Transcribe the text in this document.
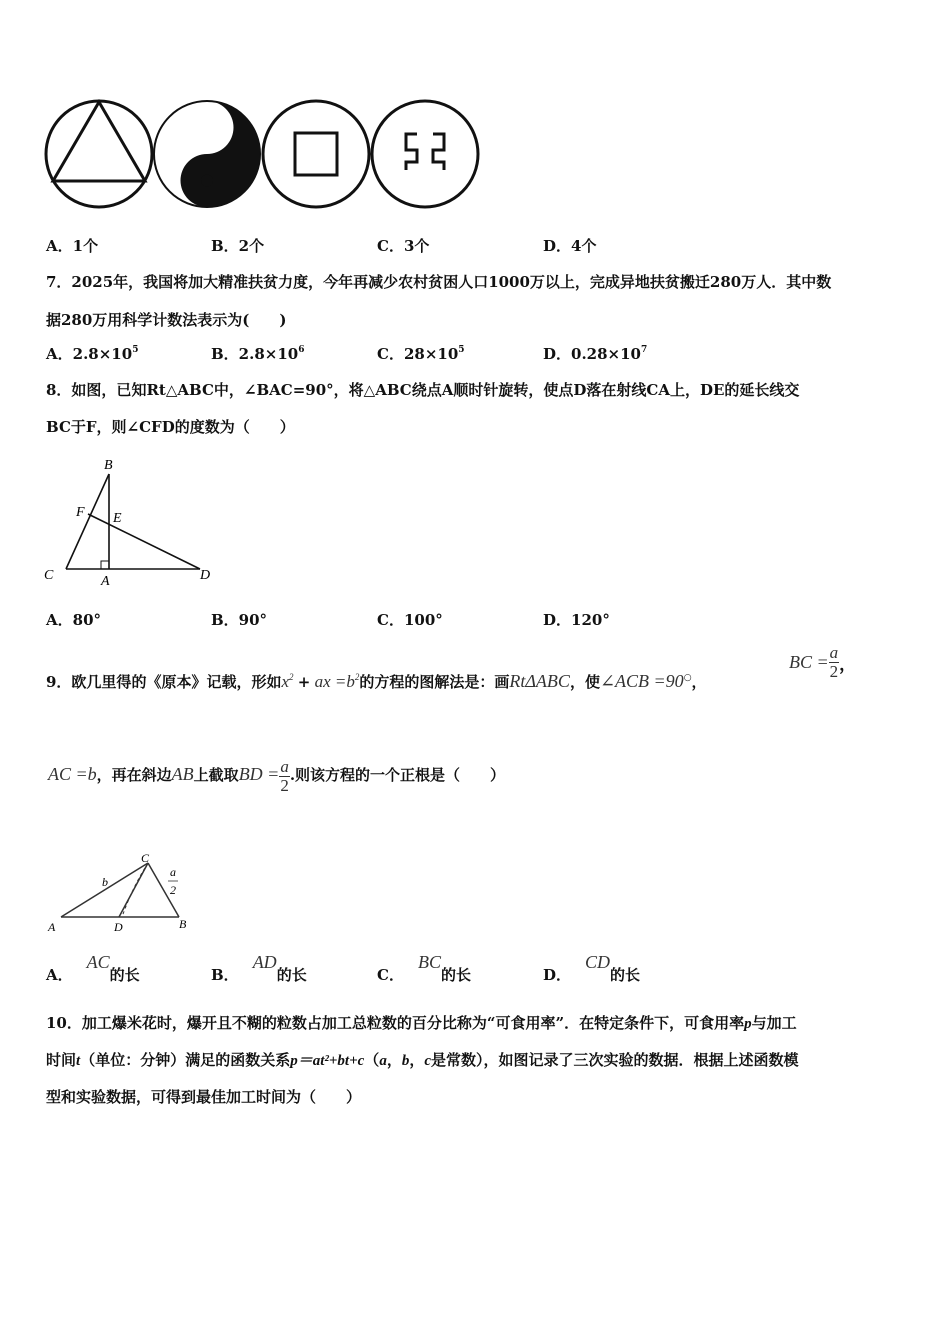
A．1个	B．2个	C．3个	D．4个
7．2025年，我国将加大精准扶贫力度，今年再减少农村贫困人口1000万以上，完成异地扶贫搬迁280万人．其中数
据280万用科学计数法表示为(　　)
A．$2.8\times 10^5$	B．$2.8\times 10^6$	C．$28\times 10^5$	D．$0.28\times 10^7$
8．如图，已知Rt△ABC中，∠BAC=90°，将△ABC绕点A顺时针旋转，使点D落在射线CA上，DE的延长线交
BC于F，则∠CFD的度数为（　　）
B
F E
C	A	D
A．80°	B．90°	C．100°	D．120°
9．欧几里得的《原本》记载，形如$x^2$ + ax $=b^2$的方程的图解法是：画RtΔABC，使∠ACB =90○，
BC = $\frac{a}{2}$ ，
AC =b，再在斜边AB上截取BD = $\frac{a}{2}$ .则该方程的一个正根是（　　）
C
b
a
2
A	D	B
A．AC的长	B．AD的长	C．BC的长	D．CD的长
10．加工爆米花时，爆开且不糊的粒数占加工总粒数的百分比称为“可食用率”．在特定条件下，可食用率p与加工
时间t（单位：分钟）满足的函数关系p＝at²+bt+c（a，b，c是常数），如图记录了三次实验的数据．根据上述函数模
型和实验数据，可得到最佳加工时间为（　　）
